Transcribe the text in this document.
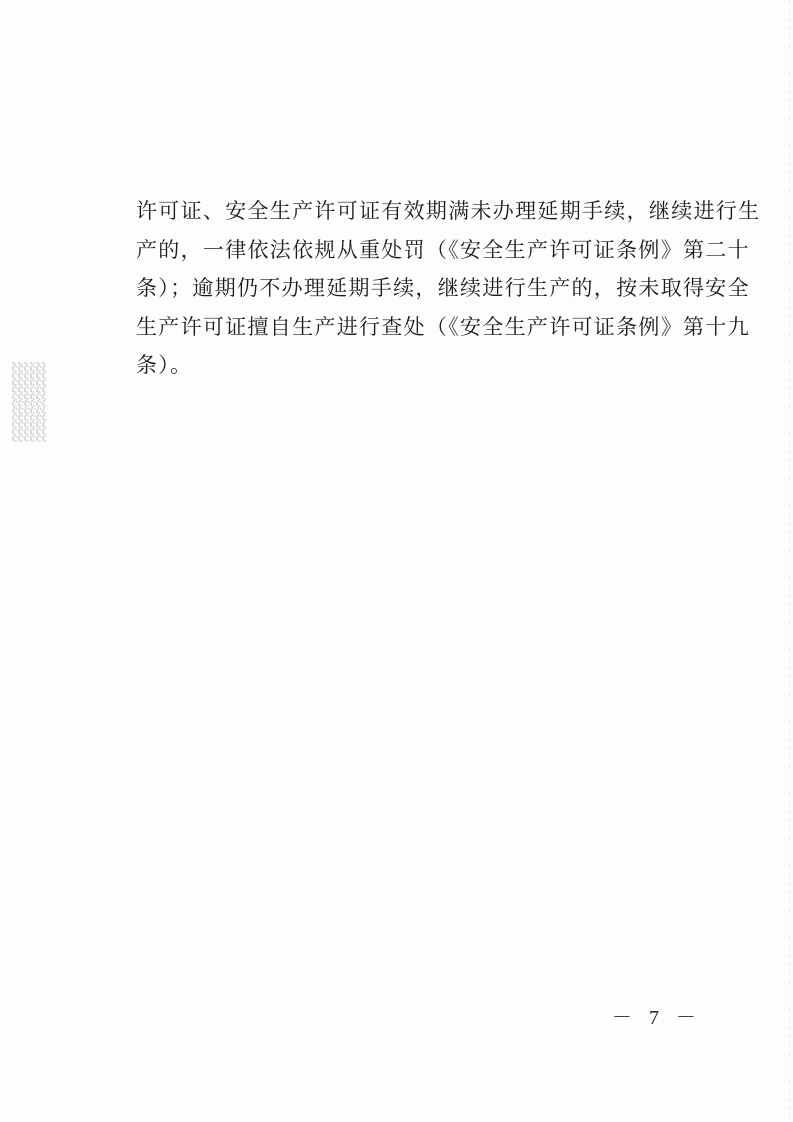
许可证、安全生产许可证有效期满未办理延期手续，继续进行生
产的，一律依法依规从重处罚（《安全生产许可证条例》第二十
条）；逾期仍不办理延期手续，继续进行生产的，按未取得安全
生产许可证擅自生产进行查处（《安全生产许可证条例》第十九
条）。
－ 7 －
